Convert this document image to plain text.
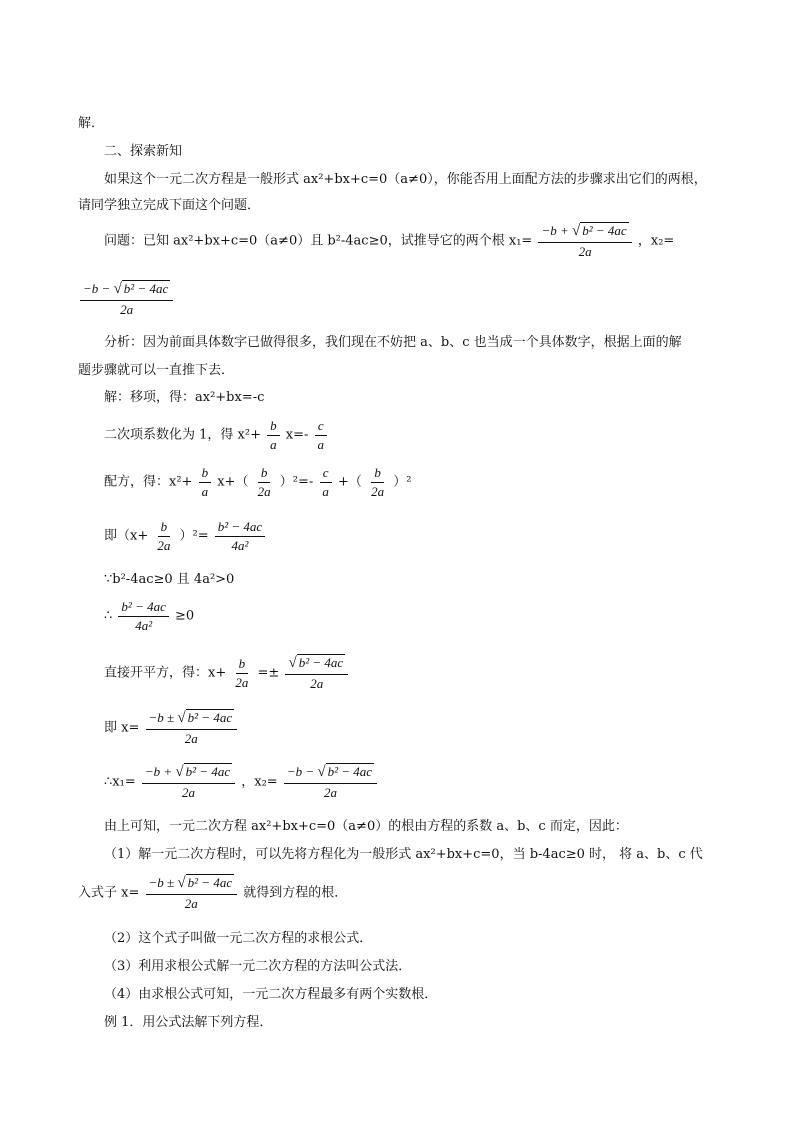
解．
二、探索新知
如果这个一元二次方程是一般形式 ax²+bx+c=0（a≠0），你能否用上面配方法的步骤求出它们的两根，
请同学独立完成下面这个问题．
问题：已知 ax²+bx+c=0（a≠0）且 b²-4ac≥0，试推导它的两个根 $x_1= \frac{\text{−b + √ b² − 4ac}}{2a}$ ，x₂=
$\frac{\text{−b − √ b² − 4ac}}{2a}$
分析：因为前面具体数字已做得很多，我们现在不妨把 a、b、c 也当成一个具体数字，根据上面的解
题步骤就可以一直推下去．
解：移项，得：ax²+bx=-c
二次项系数化为 1，得 $x^2+ \frac{b}{a} x=- \frac{c}{a}$
配方，得：$x^2+ \frac{b}{a} x+( \frac{b}{2a} )^2=- \frac{c}{a}$ +（ $\frac{b}{2a} )^2$
即$(x+ \frac{b}{2a} )^2= \frac{\text{b² − 4ac}}{\text{4a²}}$
∵b²-4ac≥0 且 4a²>0
∴ $\frac{\text{b² − 4ac}}{\text{4a²}} \ge 0$
直接开平方，得：$x+ \frac{b}{2a} =\pm \frac{\text{√ b² − 4ac}}{2a}$
即 $x= \frac{\text{−b ± √ b² − 4ac}}{2a}$
∴x₁= $\frac{\text{−b + √ b² − 4ac}}{2a}$ ，$x_2= \frac{\text{−b − √ b² − 4ac}}{2a}$
由上可知，一元二次方程 ax²+bx+c=0（a≠0）的根由方程的系数 a、b、c 而定，因此：
（1）解一元二次方程时，可以先将方程化为一般形式 ax²+bx+c=0，当 b-4ac≥0 时， 将 a、b、c 代
入式子 $x= \frac{\text{−b ± √ b² − 4ac}}{2a}$ 就得到方程的根．
（2）这个式子叫做一元二次方程的求根公式．
（3）利用求根公式解一元二次方程的方法叫公式法．
（4）由求根公式可知，一元二次方程最多有两个实数根．
例 1．用公式法解下列方程．
